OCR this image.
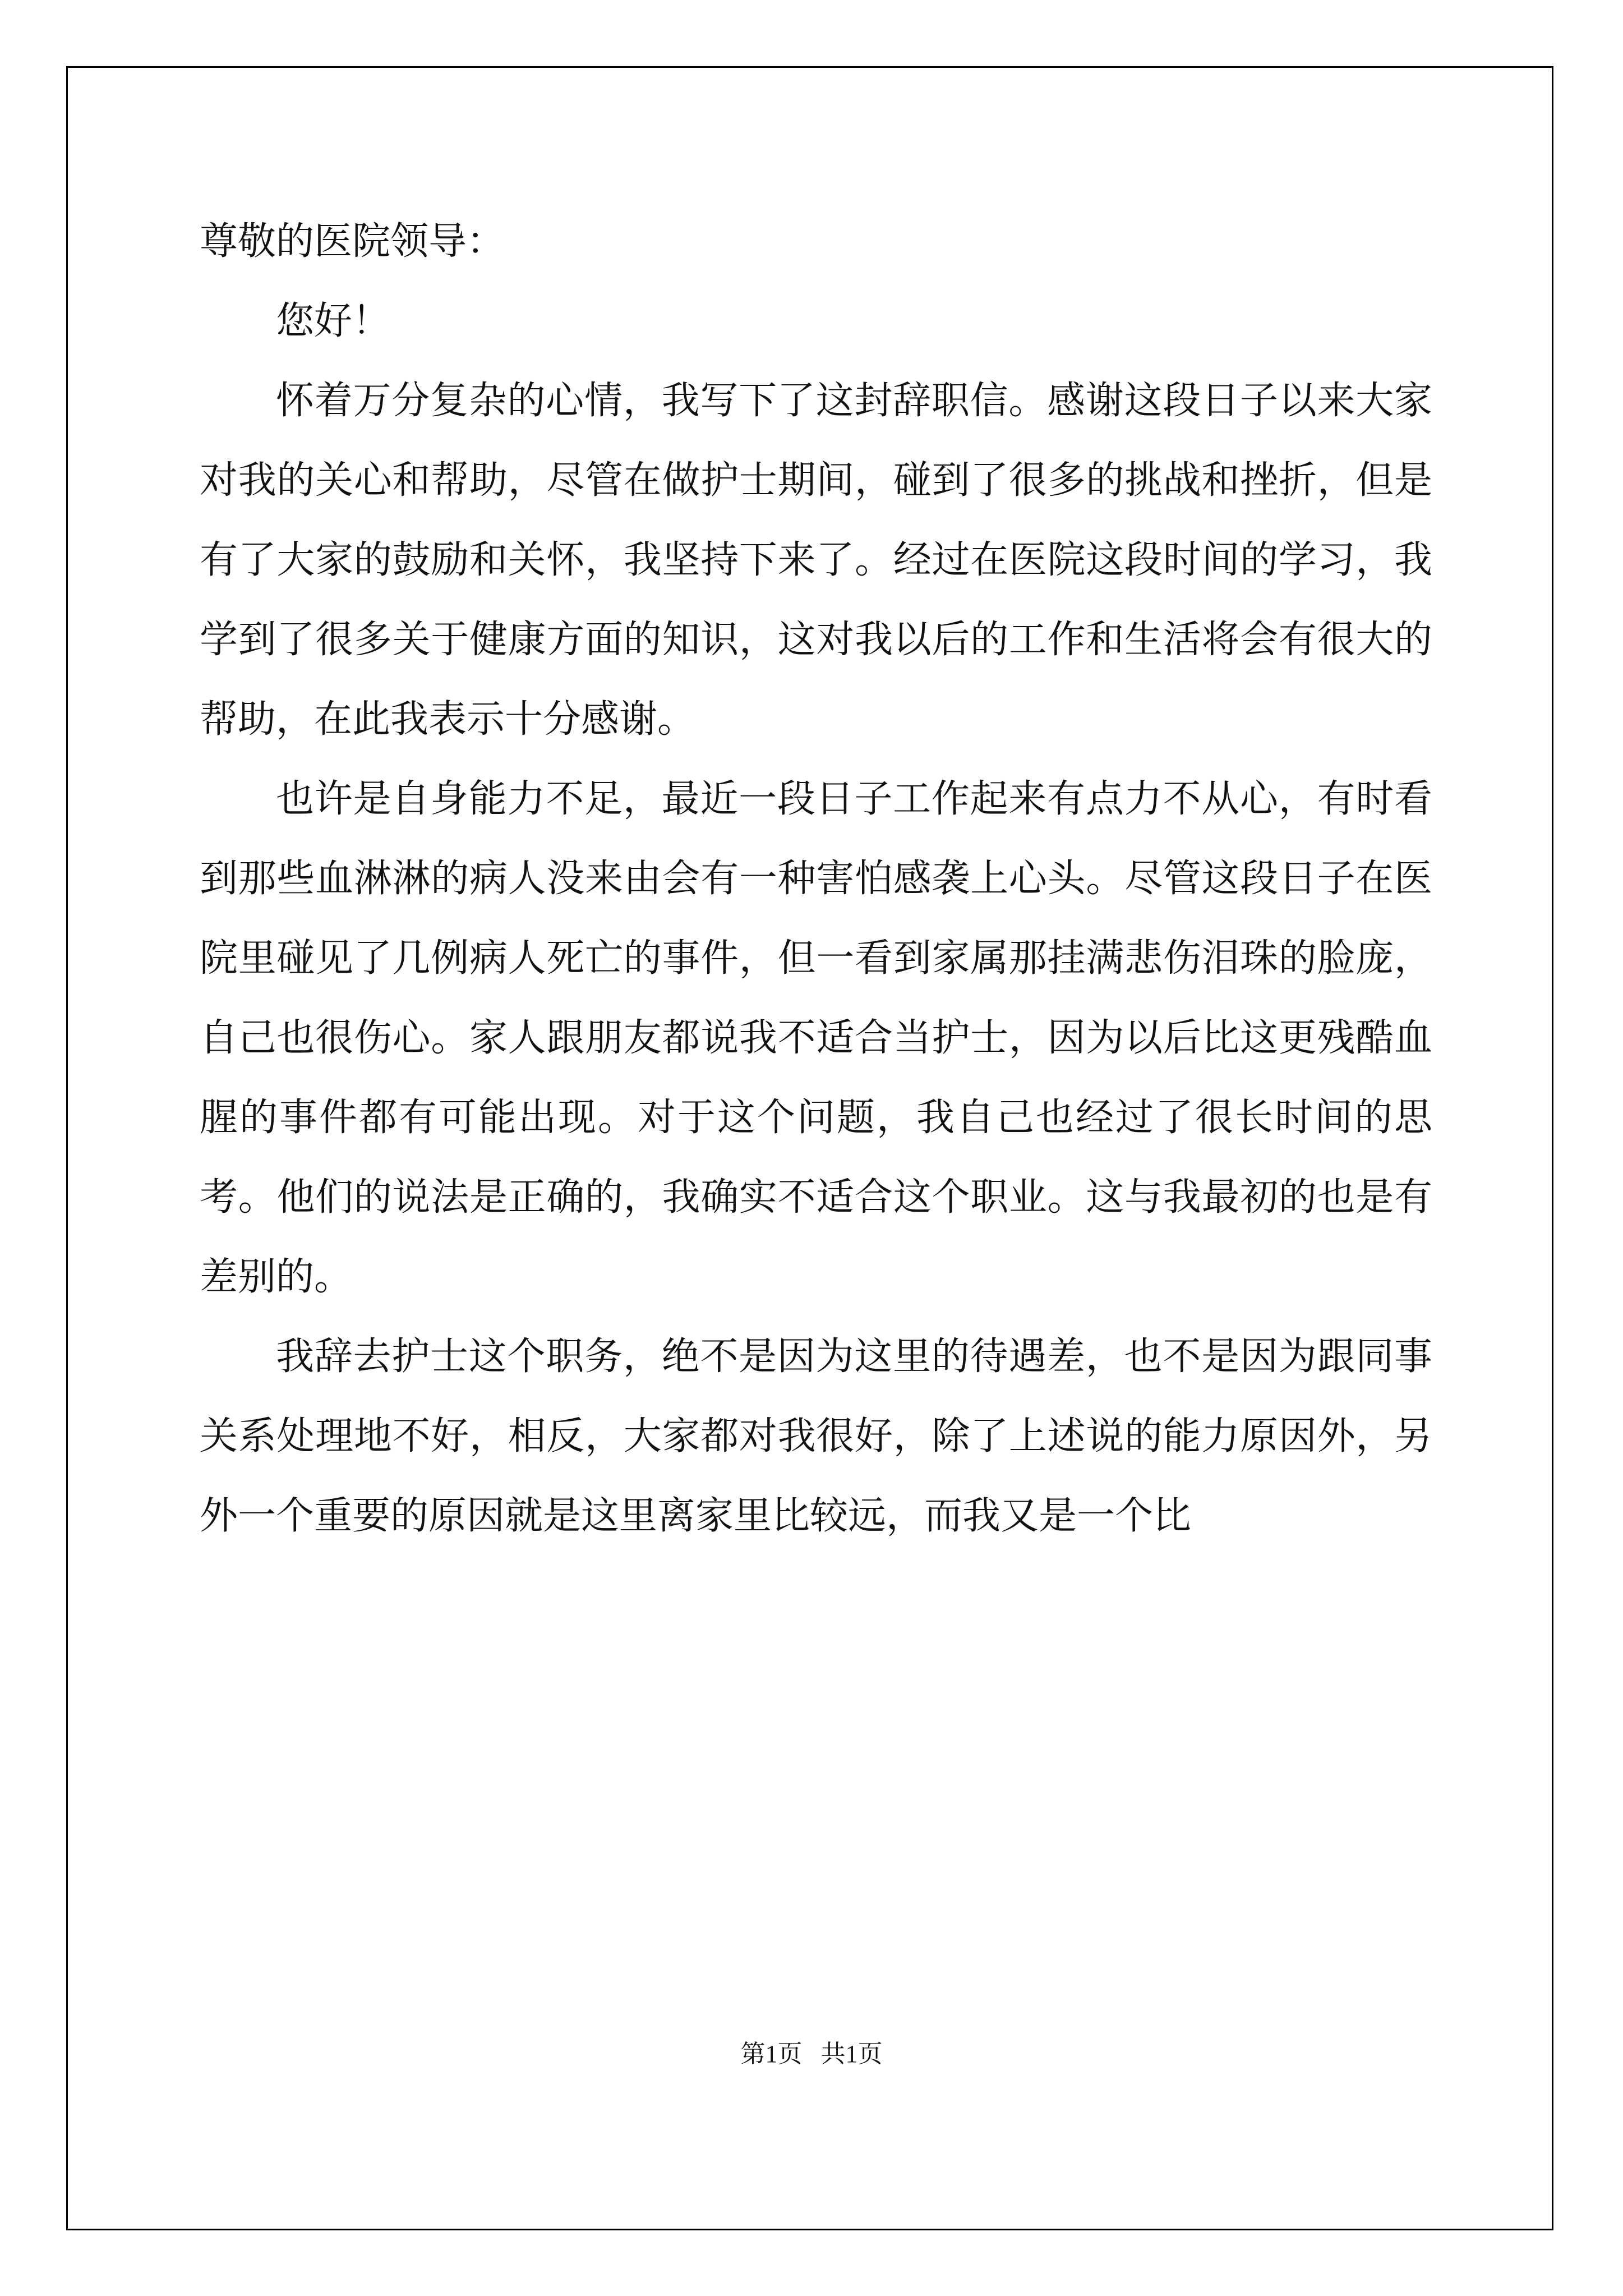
尊敬的医院领导：

您好！

怀着万分复杂的心情，我写下了这封辞职信。感谢这段日子以来大家对我的关心和帮助，尽管在做护士期间，碰到了很多的挑战和挫折，但是有了大家的鼓励和关怀，我坚持下来了。经过在医院这段时间的学习，我学到了很多关于健康方面的知识，这对我以后的工作和生活将会有很大的帮助，在此我表示十分感谢。

也许是自身能力不足，最近一段日子工作起来有点力不从心，有时看到那些血淋淋的病人没来由会有一种害怕感袭上心头。尽管这段日子在医院里碰见了几例病人死亡的事件，但一看到家属那挂满悲伤泪珠的脸庞，自己也很伤心。家人跟朋友都说我不适合当护士，因为以后比这更残酷血腥的事件都有可能出现。对于这个问题，我自己也经过了很长时间的思考。他们的说法是正确的，我确实不适合这个职业。这与我最初的也是有差别的。

我辞去护士这个职务，绝不是因为这里的待遇差，也不是因为跟同事关系处理地不好，相反，大家都对我很好，除了上述说的能力原因外，另外一个重要的原因就是这里离家里比较远，而我又是一个比

第1页 共1页
